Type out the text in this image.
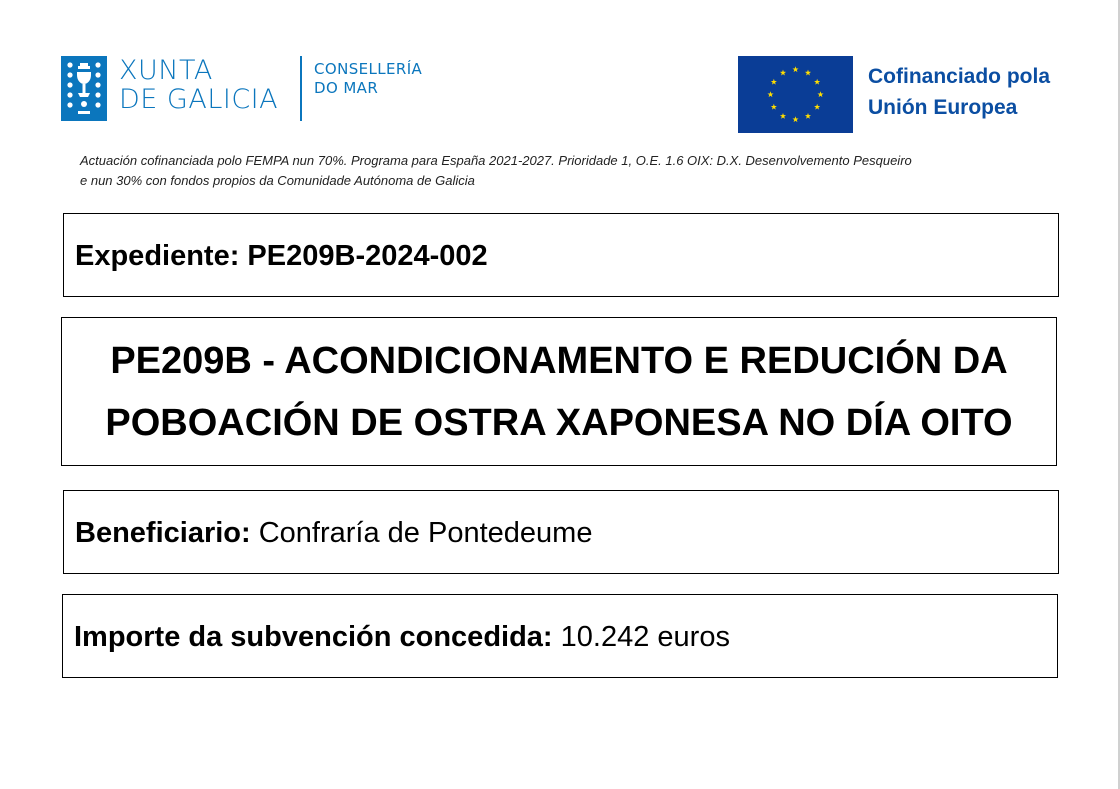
XUNTA
DE GALICIA
CONSELLERÍA
DO MAR	Cofinanciado pola
Unión Europea
Actuación cofinanciada polo FEMPA nun 70%. Programa para España 2021-2027. Prioridade 1, O.E. 1.6 OIX: D.X. Desenvolvemento Pesqueiro
e nun 30% con fondos propios da Comunidade Autónoma de Galicia
Expediente: PE209B-2024-002
PE209B - ACONDICIONAMENTO E REDUCIÓN DA
POBOACIÓN DE OSTRA XAPONESA NO DÍA OITO
Beneficiario: Confraría de Pontedeume
Importe da subvención concedida: 10.242 euros
